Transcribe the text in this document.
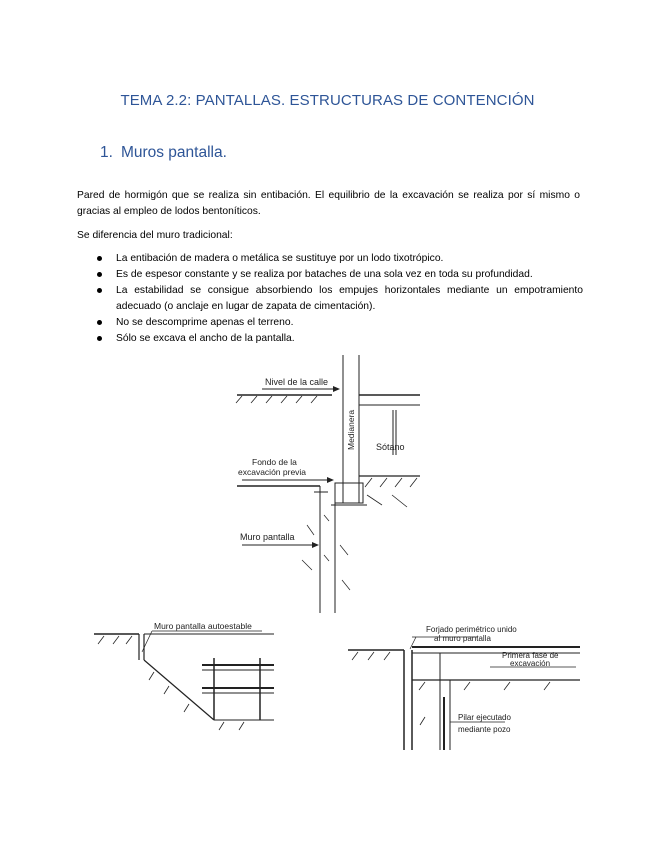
TEMA 2.2: PANTALLAS. ESTRUCTURAS DE CONTENCIÓN
1. Muros pantalla.

Pared de hormigón que se realiza sin entibación. El equilibrio de la excavación se realiza por sí mismo o gracias al empleo de lodos bentoníticos.

Se diferencia del muro tradicional:

La entibación de madera o metálica se sustituye por un lodo tixotrópico.
Es de espesor constante y se realiza por bataches de una sola vez en toda su profundidad.
La estabilidad se consigue absorbiendo los empujes horizontales mediante un empotramiento adecuado (o anclaje en lugar de zapata de cimentación).
No se descomprime apenas el terreno.
Sólo se excava el ancho de la pantalla.
Nivel de la calle
Medianera Sótano
Fondo de la
excavación previa
Muro pantalla
Muro pantalla autoestable	Forjado perimétrico unido
al muro pantalla
Primera fase de
excavación
Pilar ejecutado
mediante pozo
